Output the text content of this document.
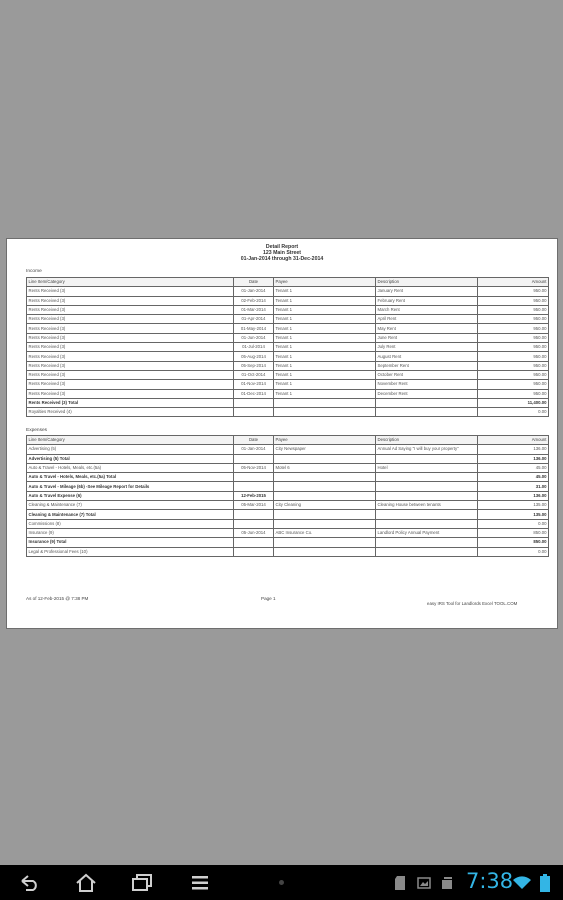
Detail Report
123 Main Street
01-Jan-2014 through 31-Dec-2014
Income
Line Item/Category	Date	Payee	Description	Amount
Rents Received (3)	01-Jan-2014	Tenant 1	January Rent	950.00
Rents Received (3)	02-Feb-2014	Tenant 1	February Rent	950.00
Rents Received (3)	01-Mar-2014	Tenant 1	March Rent	950.00
Rents Received (3)	01-Apr-2014	Tenant 1	April Rent	950.00
Rents Received (3)	01-May-2014	Tenant 1	May Rent	950.00
Rents Received (3)	01-Jun-2014	Tenant 1	June Rent	950.00
Rents Received (3)	01-Jul-2014	Tenant 1	July Rent	950.00
Rents Received (3)	05-Aug-2014	Tenant 1	August Rent	950.00
Rents Received (3)	05-Sep-2014	Tenant 1	September Rent	950.00
Rents Received (3)	01-Oct-2014	Tenant 1	October Rent	950.00
Rents Received (3)	01-Nov-2014	Tenant 1	November Rent	950.00
Rents Received (3)	01-Dec-2014	Tenant 1	December Rent	950.00
Rents Received (3) Total				11,400.00
Royalties Received (4)				0.00
Expenses
Line Item/Category	Date	Payee	Description	Amount
Advertising (5)	01-Jan-2014	City Newspaper	Annual Ad Saying "I will buy your property"	136.00
Advertising (5) Total				136.00
Auto & Travel - Hotels, Meals, etc.(5a)	05-Nov-2014	Motel 6	Hotel	45.00
Auto & Travel - Hotels, Meals, etc.(5a) Total				45.00
Auto & Travel - Mileage (6b) -See Mileage Report for Details				31.00
Auto & Travel Expense (6)	12-Feb-2015			136.00
Cleaning & Maintenance (7)	05-Mar-2014	City Cleaning	Cleaning House between tenants	135.00
Cleaning & Maintenance (7) Total				135.00
Commissions (8)				0.00
Insurance (9)	05-Jun-2014	ABC Insurance Co.	Landlord Policy Annual Payment	850.00
Insurance (9) Total				850.00
Legal & Professional Fees (10)				0.00
As of 12-Feb-2015 @ 7:38 PM	Page 1
easy IRS Tool for Landlords Excel TOOL.COM
7:38
